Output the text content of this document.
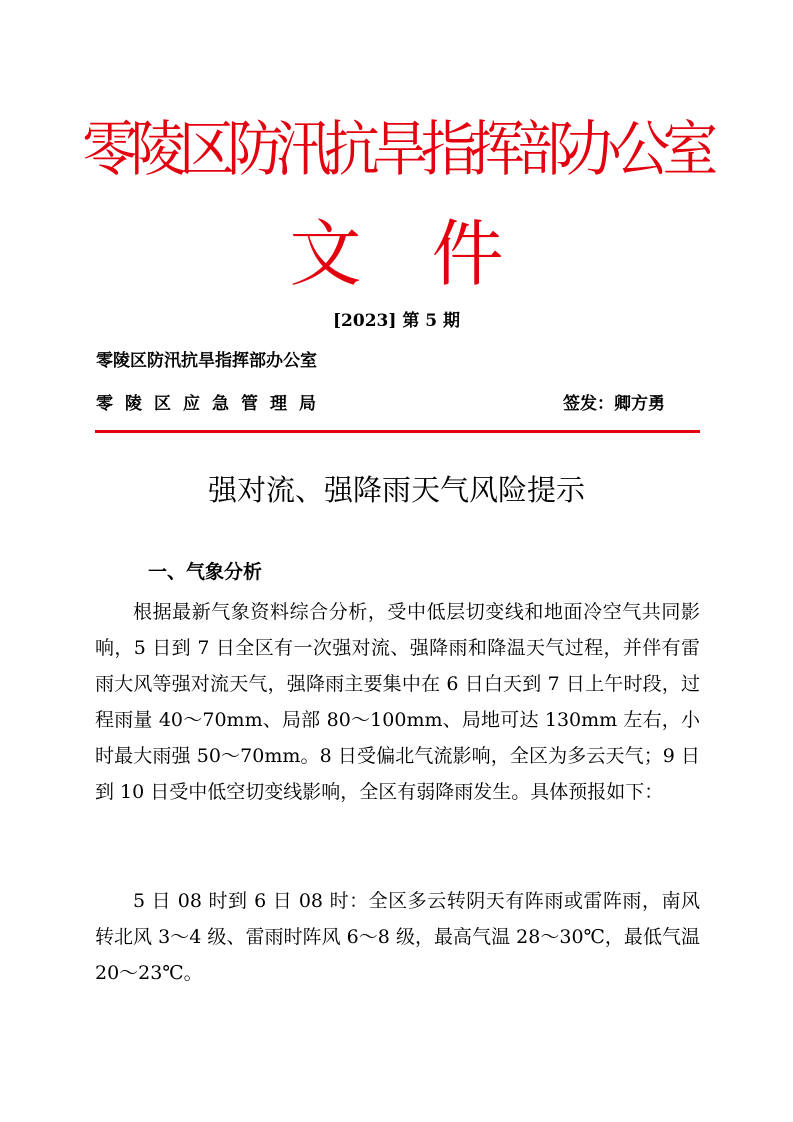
零陵区防汛抗旱指挥部办公室
文 件
[2023] 第 5 期
零陵区防汛抗旱指挥部办公室
零陵区应急管理局	签发：卿方勇
强对流、强降雨天气风险提示
一、气象分析
根据最新气象资料综合分析，受中低层切变线和地面冷空气共同影响，5 日到 7 日全区有一次强对流、强降雨和降温天气过程，并伴有雷雨大风等强对流天气，强降雨主要集中在 6 日白天到 7 日上午时段，过程雨量 40～70mm、局部 80～100mm、局地可达 130mm 左右，小时最大雨强 50～70mm。8 日受偏北气流影响，全区为多云天气；9 日到 10 日受中低空切变线影响，全区有弱降雨发生。具体预报如下：
5 日 08 时到 6 日 08 时：全区多云转阴天有阵雨或雷阵雨，南风转北风 3～4 级、雷雨时阵风 6～8 级，最高气温 28～30℃，最低气温 20～23℃。
